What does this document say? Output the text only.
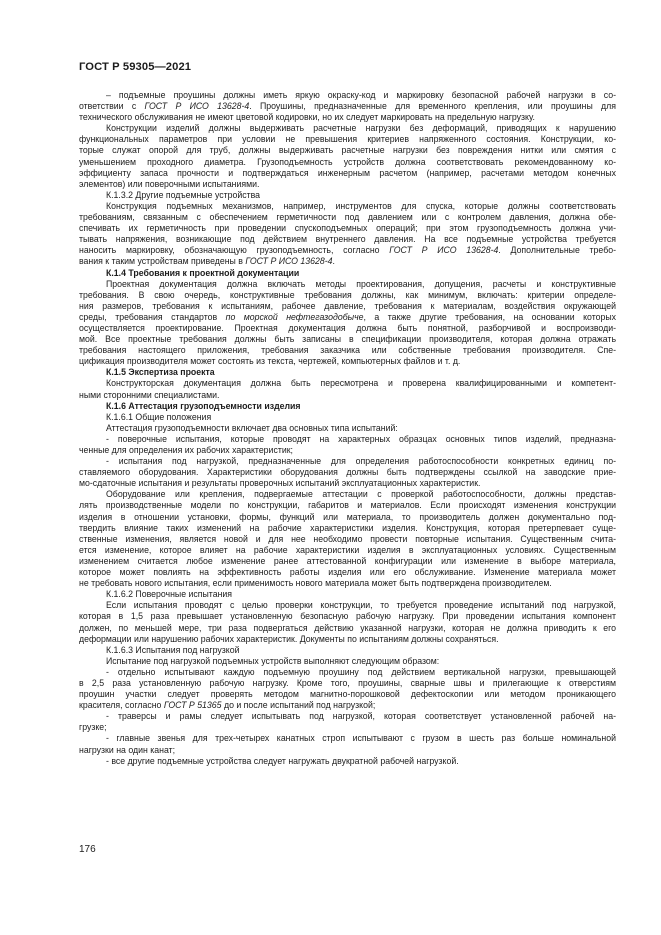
ГОСТ Р 59305—2021
– подъемные проушины должны иметь яркую окраску-код и маркировку безопасной рабочей нагрузки в со-
ответствии с ГОСТ Р ИСО 13628-4. Проушины, предназначенные для временного крепления, или проушины для
технического обслуживания не имеют цветовой кодировки, но их следует маркировать на предельную нагрузку.
Конструкции изделий должны выдерживать расчетные нагрузки без деформаций, приводящих к нарушению
функциональных параметров при условии не превышения критериев напряженного состояния. Конструкции, ко-
торые служат опорой для труб, должны выдерживать расчетные нагрузки без повреждения нитки или смятия с
уменьшением проходного диаметра. Грузоподъемность устройств должна соответствовать рекомендованному ко-
эффициенту запаса прочности и подтверждаться инженерным расчетом (например, расчетами методом конечных
элементов) или поверочными испытаниями.
К.1.3.2 Другие подъемные устройства
Конструкция подъемных механизмов, например, инструментов для спуска, которые должны соответствовать
требованиям, связанным с обеспечением герметичности под давлением или с контролем давления, должна обе-
спечивать их герметичность при проведении спускоподъемных операций; при этом грузоподъемность должна учи-
тывать напряжения, возникающие под действием внутреннего давления. На все подъемные устройства требуется
наносить маркировку, обозначающую грузоподъемность, согласно ГОСТ Р ИСО 13628-4. Дополнительные требо-
вания к таким устройствам приведены в ГОСТ Р ИСО 13628-4.
К.1.4 Требования к проектной документации
Проектная документация должна включать методы проектирования, допущения, расчеты и конструктивные
требования. В свою очередь, конструктивные требования должны, как минимум, включать: критерии определе-
ния размеров, требования к испытаниям, рабочее давление, требования к материалам, воздействия окружающей
среды, требования стандартов по морской нефтегазодобыче, а также другие требования, на основании которых
осуществляется проектирование. Проектная документация должна быть понятной, разборчивой и воспроизводи-
мой. Все проектные требования должны быть записаны в спецификации производителя, которая должна отражать
требования настоящего приложения, требования заказчика или собственные требования производителя. Спе-
цификация производителя может состоять из текста, чертежей, компьютерных файлов и т. д.
К.1.5 Экспертиза проекта
Конструкторская документация должна быть пересмотрена и проверена квалифицированными и компетент-
ными сторонними специалистами.
К.1.6 Аттестация грузоподъемности изделия
К.1.6.1 Общие положения
Аттестация грузоподъемности включает два основных типа испытаний:
- поверочные испытания, которые проводят на характерных образцах основных типов изделий, предназна-
ченные для определения их рабочих характеристик;
- испытания под нагрузкой, предназначенные для определения работоспособности конкретных единиц по-
ставляемого оборудования. Характеристики оборудования должны быть подтверждены ссылкой на заводские прие-
мо-сдаточные испытания и результаты проверочных испытаний эксплуатационных характеристик.
Оборудование или крепления, подвергаемые аттестации с проверкой работоспособности, должны представ-
лять производственные модели по конструкции, габаритов и материалов. Если происходят изменения конструкции
изделия в отношении установки, формы, функций или материала, то производитель должен документально под-
твердить влияние таких изменений на рабочие характеристики изделия. Конструкция, которая претерпевает суще-
ственные изменения, является новой и для нее необходимо провести повторные испытания. Существенным счита-
ется изменение, которое влияет на рабочие характеристики изделия в эксплуатационных условиях. Существенным
изменением считается любое изменение ранее аттестованной конфигурации или изменение в выборе материала,
которое может повлиять на эффективность работы изделия или его обслуживание. Изменение материала может
не требовать нового испытания, если применимость нового материала может быть подтверждена производителем.
К.1.6.2 Поверочные испытания
Если испытания проводят с целью проверки конструкции, то требуется проведение испытаний под нагрузкой,
которая в 1,5 раза превышает установленную безопасную рабочую нагрузку. При проведении испытания компонент
должен, по меньшей мере, три раза подвергаться действию указанной нагрузки, которая не должна приводить к его
деформации или нарушению рабочих характеристик. Документы по испытаниям должны сохраняться.
К.1.6.3 Испытания под нагрузкой
Испытание под нагрузкой подъемных устройств выполняют следующим образом:
- отдельно испытывают каждую подъемную проушину под действием вертикальной нагрузки, превышающей
в 2,5 раза установленную рабочую нагрузку. Кроме того, проушины, сварные швы и прилегающие к отверстиям
проушин участки следует проверять методом магнитно-порошковой дефектоскопии или методом проникающего
красителя, согласно ГОСТ Р 51365 до и после испытаний под нагрузкой;
- траверсы и рамы следует испытывать под нагрузкой, которая соответствует установленной рабочей на-
грузке;
- главные звенья для трех-четырех канатных строп испытывают с грузом в шесть раз больше номинальной
нагрузки на один канат;
- все другие подъемные устройства следует нагружать двукратной рабочей нагрузкой.
176
